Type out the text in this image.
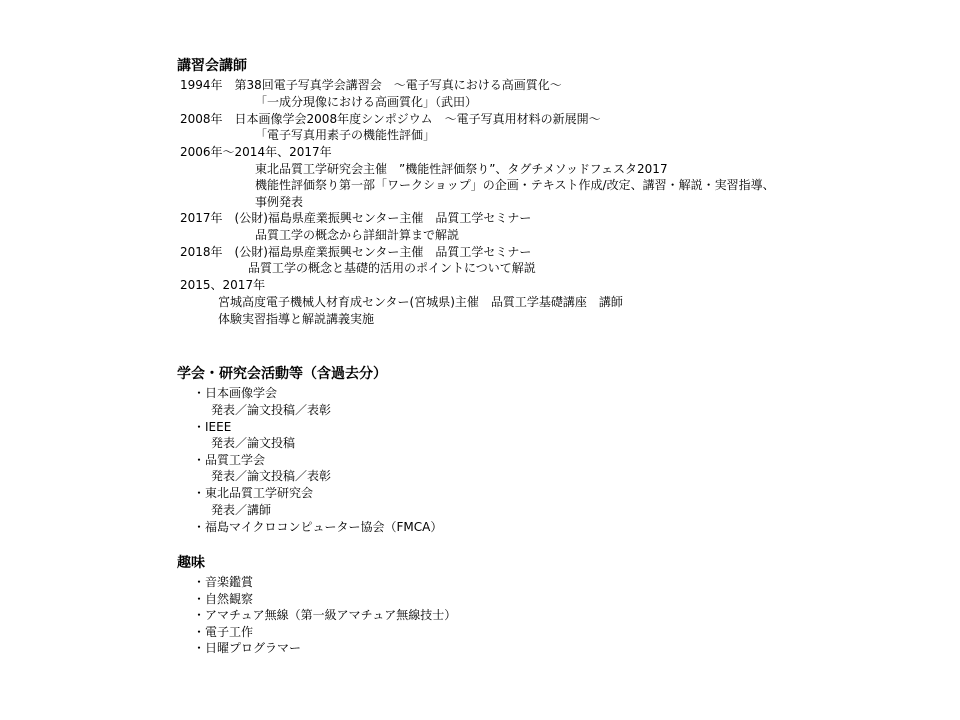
講習会講師
1994年　第38回電子写真学会講習会　～電子写真における高画質化～
「一成分現像における高画質化」（武田）
2008年　日本画像学会2008年度シンポジウム　～電子写真用材料の新展開～
「電子写真用素子の機能性評価」
2006年～2014年、2017年
東北品質工学研究会主催　”機能性評価祭り”、タグチメソッドフェスタ2017
機能性評価祭り第一部「ワークショップ」の企画・テキスト作成/改定、講習・解説・実習指導、
事例発表
2017年　(公財)福島県産業振興センター主催　品質工学セミナー
品質工学の概念から詳細計算まで解説
2018年　(公財)福島県産業振興センター主催　品質工学セミナー
品質工学の概念と基礎的活用のポイントについて解説
2015、2017年
宮城高度電子機械人材育成センター(宮城県)主催　品質工学基礎講座　講師
体験実習指導と解説講義実施
学会・研究会活動等（含過去分）
・日本画像学会
発表／論文投稿／表彰
・IEEE
発表／論文投稿
・品質工学会
発表／論文投稿／表彰
・東北品質工学研究会
発表／講師
・福島マイクロコンピューター協会（FMCA）
趣味
・音楽鑑賞
・自然観察
・アマチュア無線（第一級アマチュア無線技士）
・電子工作
・日曜プログラマー
